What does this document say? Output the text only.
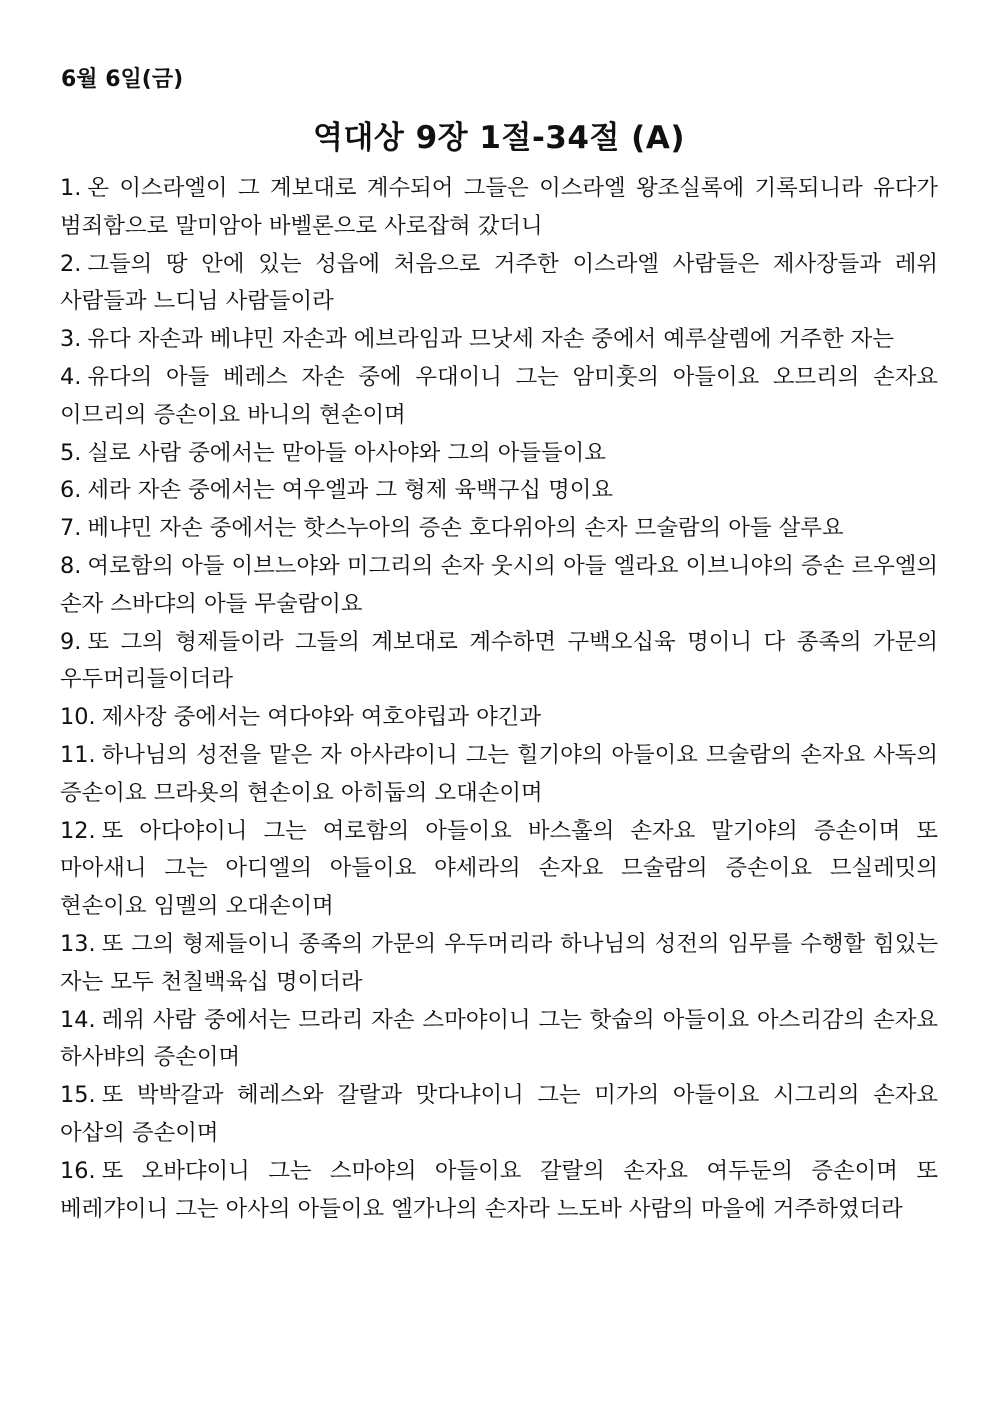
6월 6일(금)
역대상 9장 1절-34절 (A)
1. 온 이스라엘이 그 계보대로 계수되어 그들은 이스라엘 왕조실록에 기록되니라 유다가 범죄함으로 말미암아 바벨론으로 사로잡혀 갔더니
2. 그들의 땅 안에 있는 성읍에 처음으로 거주한 이스라엘 사람들은 제사장들과 레위 사람들과 느디님 사람들이라
3. 유다 자손과 베냐민 자손과 에브라임과 므낫세 자손 중에서 예루살렘에 거주한 자는
4. 유다의 아들 베레스 자손 중에 우대이니 그는 암미훗의 아들이요 오므리의 손자요 이므리의 증손이요 바니의 현손이며
5. 실로 사람 중에서는 맏아들 아사야와 그의 아들들이요
6. 세라 자손 중에서는 여우엘과 그 형제 육백구십 명이요
7. 베냐민 자손 중에서는 핫스누아의 증손 호다위아의 손자 므술람의 아들 살루요
8. 여로함의 아들 이브느야와 미그리의 손자 웃시의 아들 엘라요 이브니야의 증손 르우엘의 손자 스바댜의 아들 무술람이요
9. 또 그의 형제들이라 그들의 계보대로 계수하면 구백오십육 명이니 다 종족의 가문의 우두머리들이더라
10. 제사장 중에서는 여다야와 여호야립과 야긴과
11. 하나님의 성전을 맡은 자 아사랴이니 그는 힐기야의 아들이요 므술람의 손자요 사독의 증손이요 므라욧의 현손이요 아히둡의 오대손이며
12. 또 아다야이니 그는 여로함의 아들이요 바스훌의 손자요 말기야의 증손이며 또 마아새니 그는 아디엘의 아들이요 야세라의 손자요 므술람의 증손이요 므실레밋의 현손이요 임멜의 오대손이며
13. 또 그의 형제들이니 종족의 가문의 우두머리라 하나님의 성전의 임무를 수행할 힘있는 자는 모두 천칠백육십 명이더라
14. 레위 사람 중에서는 므라리 자손 스마야이니 그는 핫숩의 아들이요 아스리감의 손자요 하사뱌의 증손이며
15. 또 박박갈과 헤레스와 갈랄과 맛다냐이니 그는 미가의 아들이요 시그리의 손자요 아삽의 증손이며
16. 또 오바댜이니 그는 스마야의 아들이요 갈랄의 손자요 여두둔의 증손이며 또 베레갸이니 그는 아사의 아들이요 엘가나의 손자라 느도바 사람의 마을에 거주하였더라
